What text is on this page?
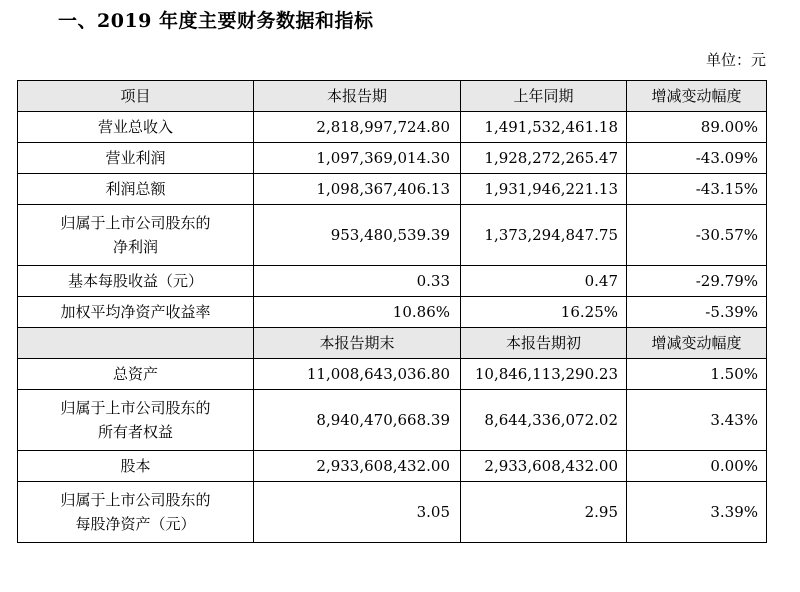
一、2019 年度主要财务数据和指标
单位：元
项目	本报告期	上年同期	增减变动幅度

营业总收入	2,818,997,724.80	1,491,532,461.18	89.00%

营业利润	1,097,369,014.30	1,928,272,265.47	-43.09%

利润总额	1,098,367,406.13	1,931,946,221.13	-43.15%

归属于上市公司股东的
净利润	953,480,539.39	1,373,294,847.75	-30.57%

基本每股收益（元）	0.33	0.47	-29.79%

加权平均净资产收益率	10.86%	16.25%	-5.39%
	本报告期末	本报告期初	增减变动幅度

总资产	11,008,643,036.80	10,846,113,290.23	1.50%

归属于上市公司股东的
所有者权益	8,940,470,668.39	8,644,336,072.02	3.43%

股本	2,933,608,432.00	2,933,608,432.00	0.00%

归属于上市公司股东的
每股净资产（元）	3.05	2.95	3.39%
